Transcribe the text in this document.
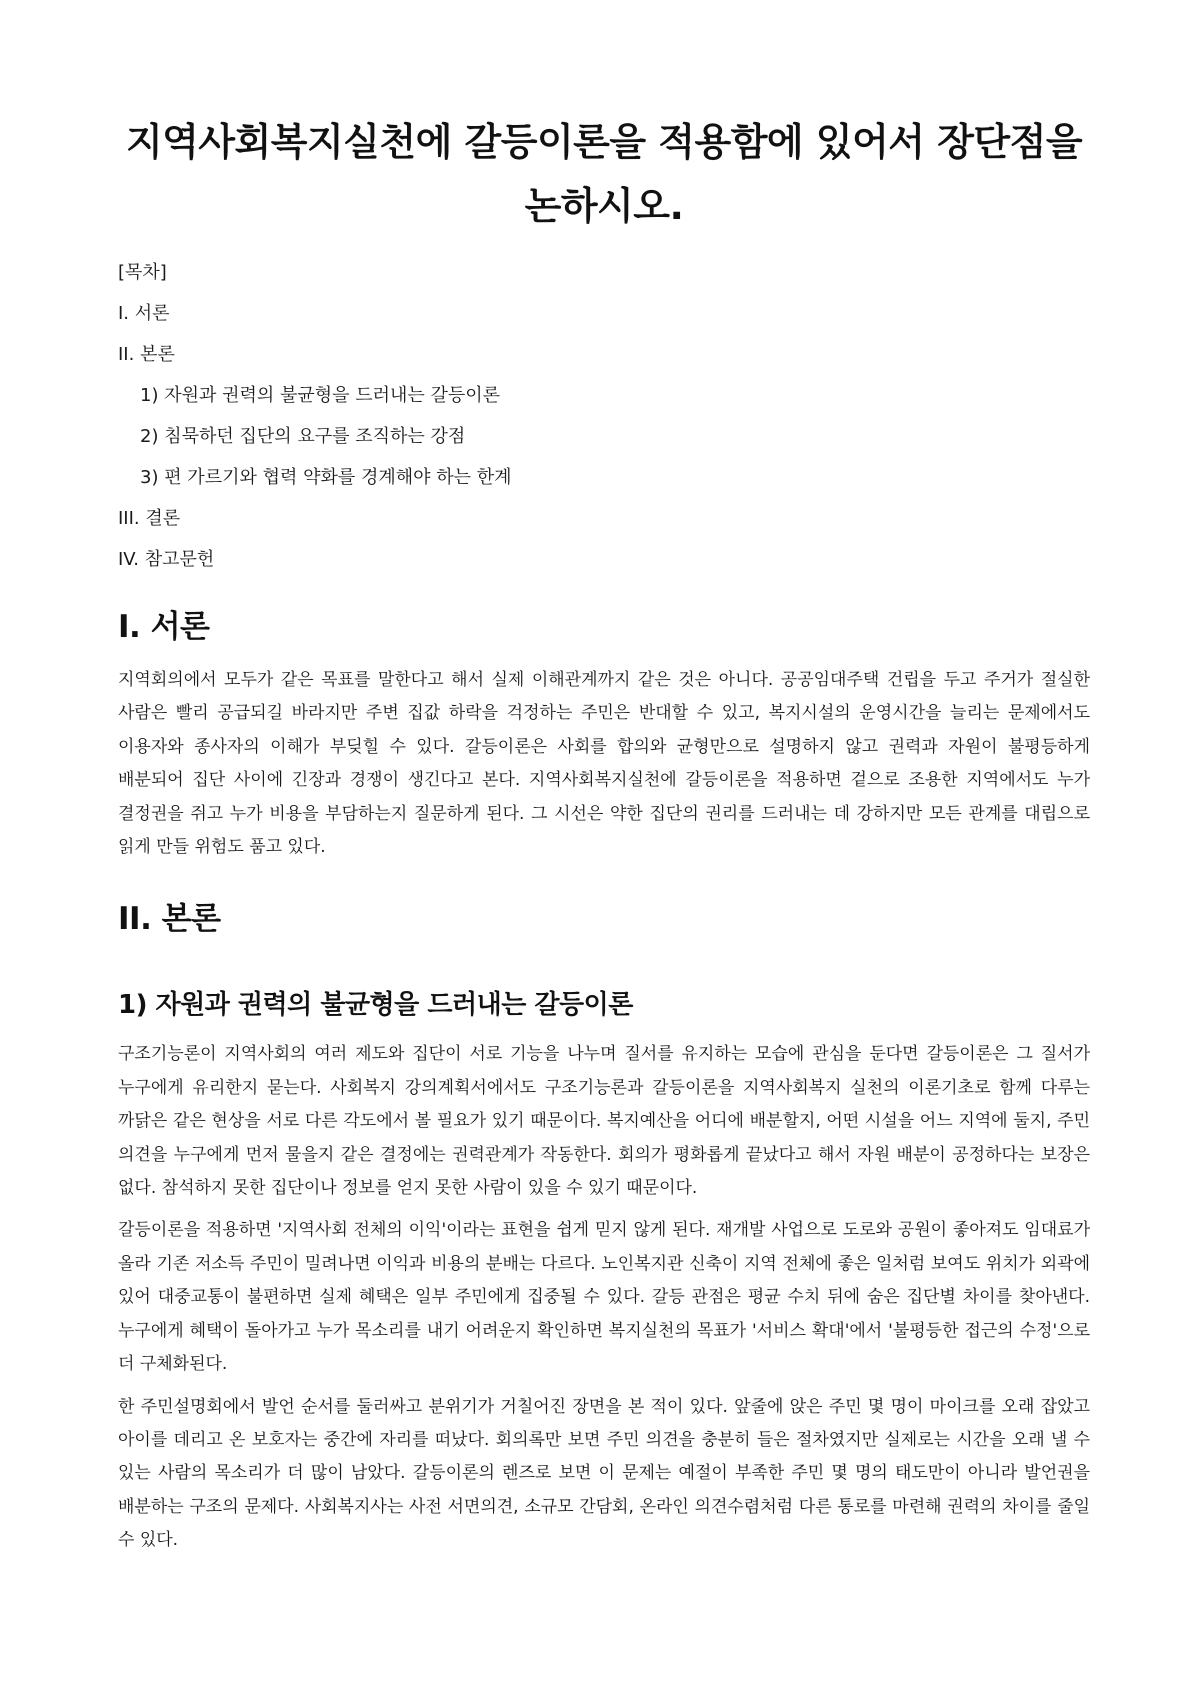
지역사회복지실천에 갈등이론을 적용함에 있어서 장단점을 논하시오.
[목차]
I. 서론
II. 본론
1) 자원과 권력의 불균형을 드러내는 갈등이론
2) 침묵하던 집단의 요구를 조직하는 강점
3) 편 가르기와 협력 약화를 경계해야 하는 한계
III. 결론
IV. 참고문헌
I. 서론

지역회의에서 모두가 같은 목표를 말한다고 해서 실제 이해관계까지 같은 것은 아니다. 공공임대주택 건립을 두고 주거가 절실한 사람은 빨리 공급되길 바라지만 주변 집값 하락을 걱정하는 주민은 반대할 수 있고, 복지시설의 운영시간을 늘리는 문제에서도 이용자와 종사자의 이해가 부딪힐 수 있다. 갈등이론은 사회를 합의와 균형만으로 설명하지 않고 권력과 자원이 불평등하게 배분되어 집단 사이에 긴장과 경쟁이 생긴다고 본다. 지역사회복지실천에 갈등이론을 적용하면 겉으로 조용한 지역에서도 누가 결정권을 쥐고 누가 비용을 부담하는지 질문하게 된다. 그 시선은 약한 집단의 권리를 드러내는 데 강하지만 모든 관계를 대립으로 읽게 만들 위험도 품고 있다.

II. 본론
1) 자원과 권력의 불균형을 드러내는 갈등이론

구조기능론이 지역사회의 여러 제도와 집단이 서로 기능을 나누며 질서를 유지하는 모습에 관심을 둔다면 갈등이론은 그 질서가 누구에게 유리한지 묻는다. 사회복지 강의계획서에서도 구조기능론과 갈등이론을 지역사회복지 실천의 이론기초로 함께 다루는 까닭은 같은 현상을 서로 다른 각도에서 볼 필요가 있기 때문이다. 복지예산을 어디에 배분할지, 어떤 시설을 어느 지역에 둘지, 주민 의견을 누구에게 먼저 물을지 같은 결정에는 권력관계가 작동한다. 회의가 평화롭게 끝났다고 해서 자원 배분이 공정하다는 보장은 없다. 참석하지 못한 집단이나 정보를 얻지 못한 사람이 있을 수 있기 때문이다.

갈등이론을 적용하면 '지역사회 전체의 이익'이라는 표현을 쉽게 믿지 않게 된다. 재개발 사업으로 도로와 공원이 좋아져도 임대료가 올라 기존 저소득 주민이 밀려나면 이익과 비용의 분배는 다르다. 노인복지관 신축이 지역 전체에 좋은 일처럼 보여도 위치가 외곽에 있어 대중교통이 불편하면 실제 혜택은 일부 주민에게 집중될 수 있다. 갈등 관점은 평균 수치 뒤에 숨은 집단별 차이를 찾아낸다. 누구에게 혜택이 돌아가고 누가 목소리를 내기 어려운지 확인하면 복지실천의 목표가 '서비스 확대'에서 '불평등한 접근의 수정'으로 더 구체화된다.

한 주민설명회에서 발언 순서를 둘러싸고 분위기가 거칠어진 장면을 본 적이 있다. 앞줄에 앉은 주민 몇 명이 마이크를 오래 잡았고 아이를 데리고 온 보호자는 중간에 자리를 떠났다. 회의록만 보면 주민 의견을 충분히 들은 절차였지만 실제로는 시간을 오래 낼 수 있는 사람의 목소리가 더 많이 남았다. 갈등이론의 렌즈로 보면 이 문제는 예절이 부족한 주민 몇 명의 태도만이 아니라 발언권을 배분하는 구조의 문제다. 사회복지사는 사전 서면의견, 소규모 간담회, 온라인 의견수렴처럼 다른 통로를 마련해 권력의 차이를 줄일 수 있다.
